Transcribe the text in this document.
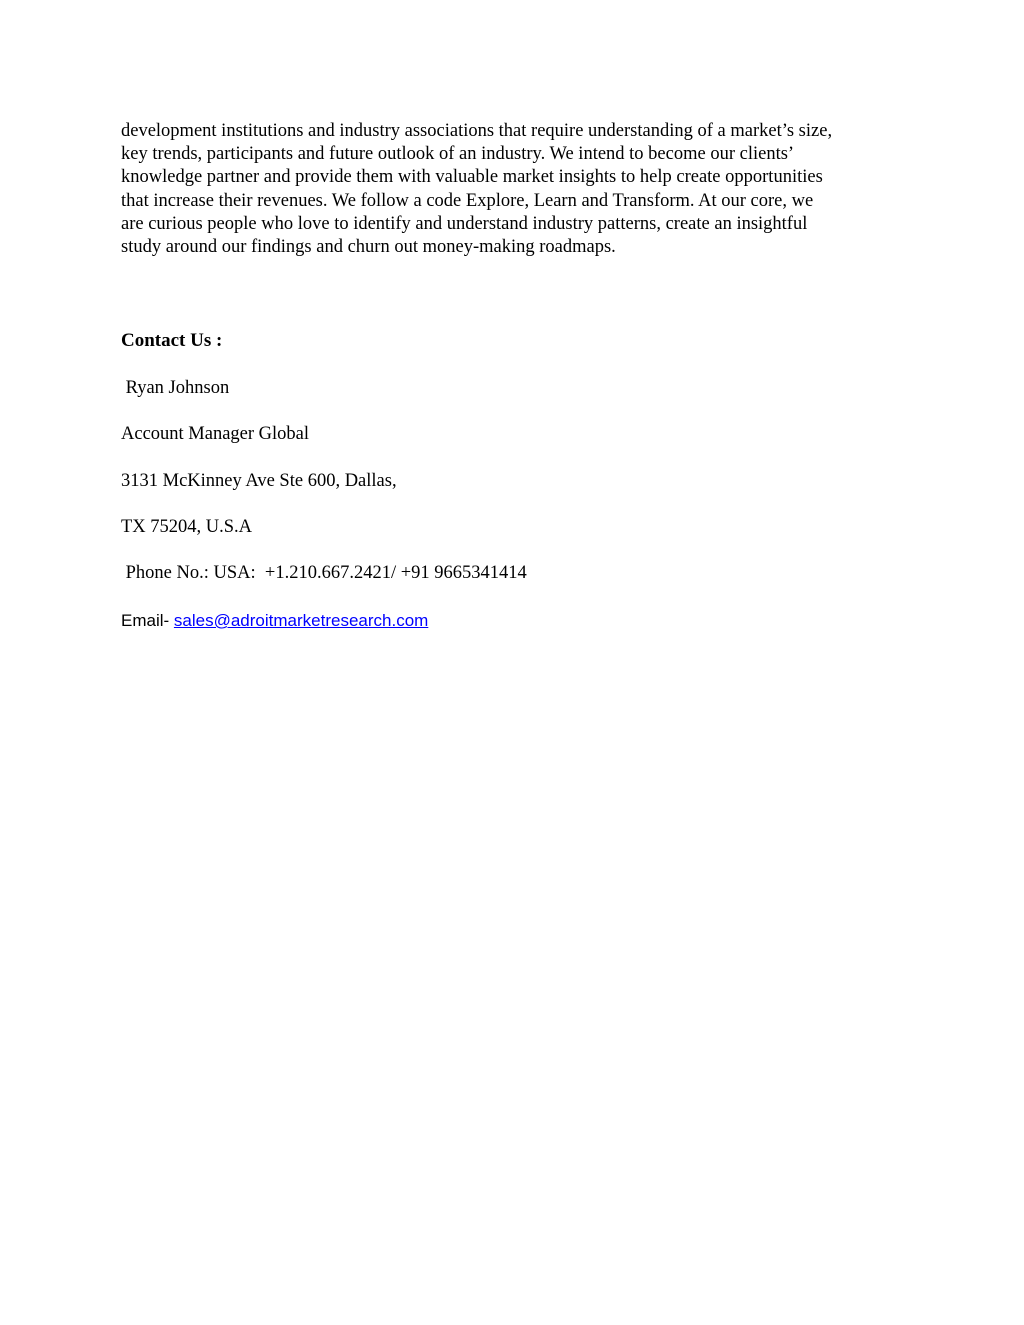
development institutions and industry associations that require understanding of a market’s size,
key trends, participants and future outlook of an industry. We intend to become our clients’
knowledge partner and provide them with valuable market insights to help create opportunities
that increase their revenues. We follow a code Explore, Learn and Transform. At our core, we
are curious people who love to identify and understand industry patterns, create an insightful
study around our findings and churn out money-making roadmaps.

Contact Us :

Ryan Johnson

Account Manager Global

3131 McKinney Ave Ste 600, Dallas,

TX 75204, U.S.A

Phone No.: USA:  +1.210.667.2421/ +91 9665341414

Email- sales@adroitmarketresearch.com
